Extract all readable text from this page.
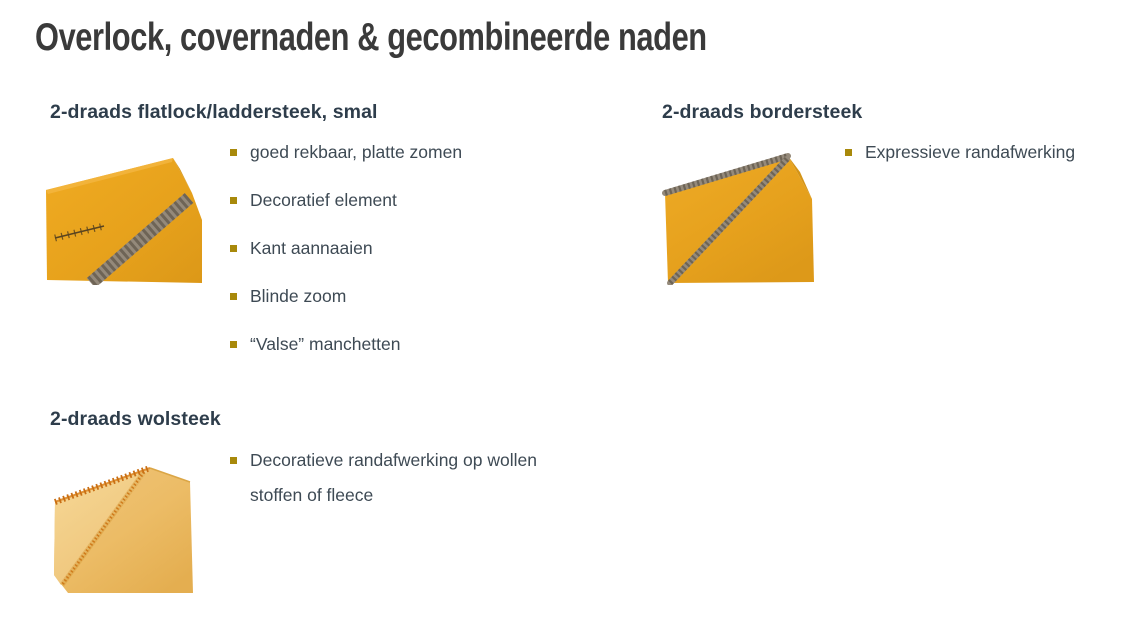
Overlock, covernaden & gecombineerde naden
2-draads flatlock/laddersteek, smal
goed rekbaar, platte zomen
Decoratief element
Kant aannaaien
Blinde zoom
“Valse” manchetten
2-draads bordersteek
Expressieve randafwerking
2-draads wolsteek
Decoratieve randafwerking op wollen stoffen of fleece
